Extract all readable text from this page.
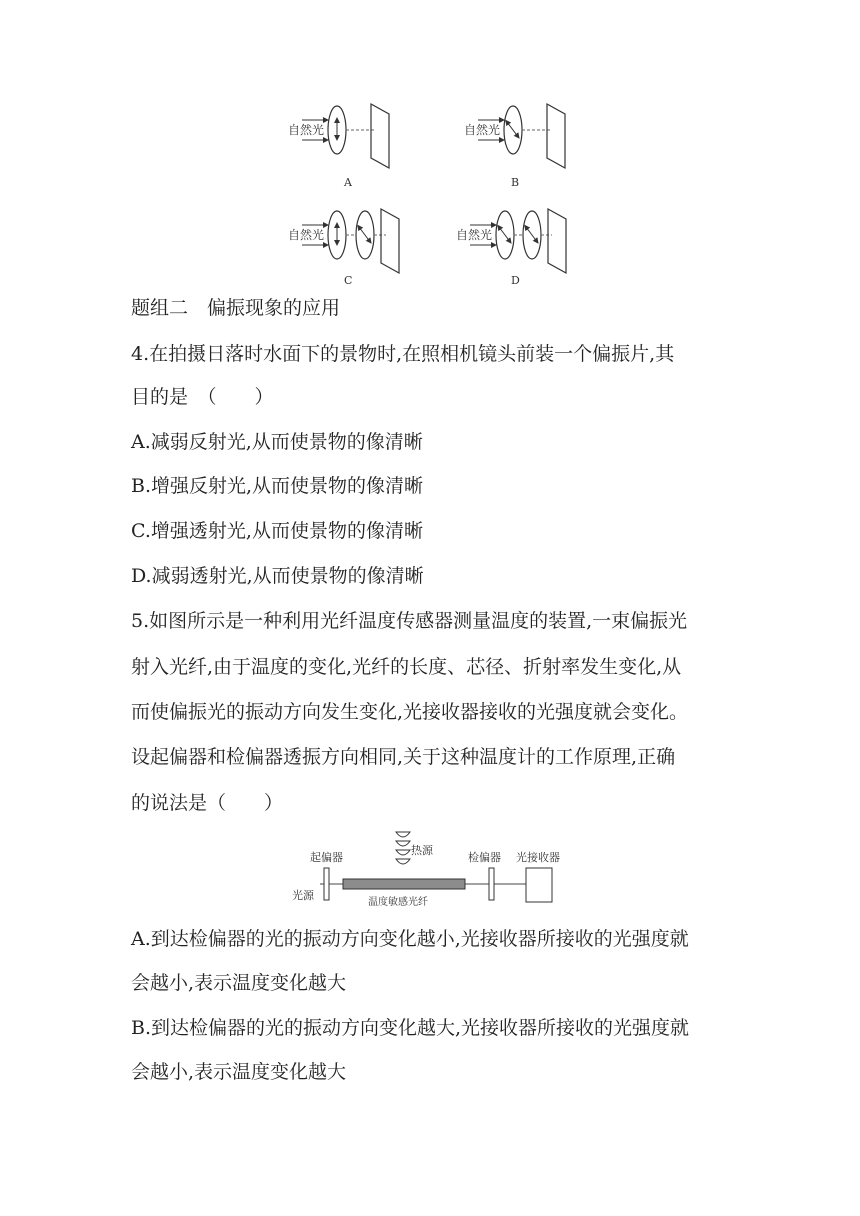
自然光
A
自然光
B
自然光
C
自然光
D
题组二　偏振现象的应用
4.在拍摄日落时水面下的景物时,在照相机镜头前装一个偏振片,其
目的是　（　　）
A.减弱反射光,从而使景物的像清晰
B.增强反射光,从而使景物的像清晰
C.增强透射光,从而使景物的像清晰
D.减弱透射光,从而使景物的像清晰
5.如图所示是一种利用光纤温度传感器测量温度的装置,一束偏振光
射入光纤,由于温度的变化,光纤的长度、芯径、折射率发生变化,从
而使偏振光的振动方向发生变化,光接收器接收的光强度就会变化。
设起偏器和检偏器透振方向相同,关于这种温度计的工作原理,正确
的说法是（　　）
起偏器
热源
检偏器 光接收器
光源
温度敏感光纤
A.到达检偏器的光的振动方向变化越小,光接收器所接收的光强度就
会越小,表示温度变化越大
B.到达检偏器的光的振动方向变化越大,光接收器所接收的光强度就
会越小,表示温度变化越大
